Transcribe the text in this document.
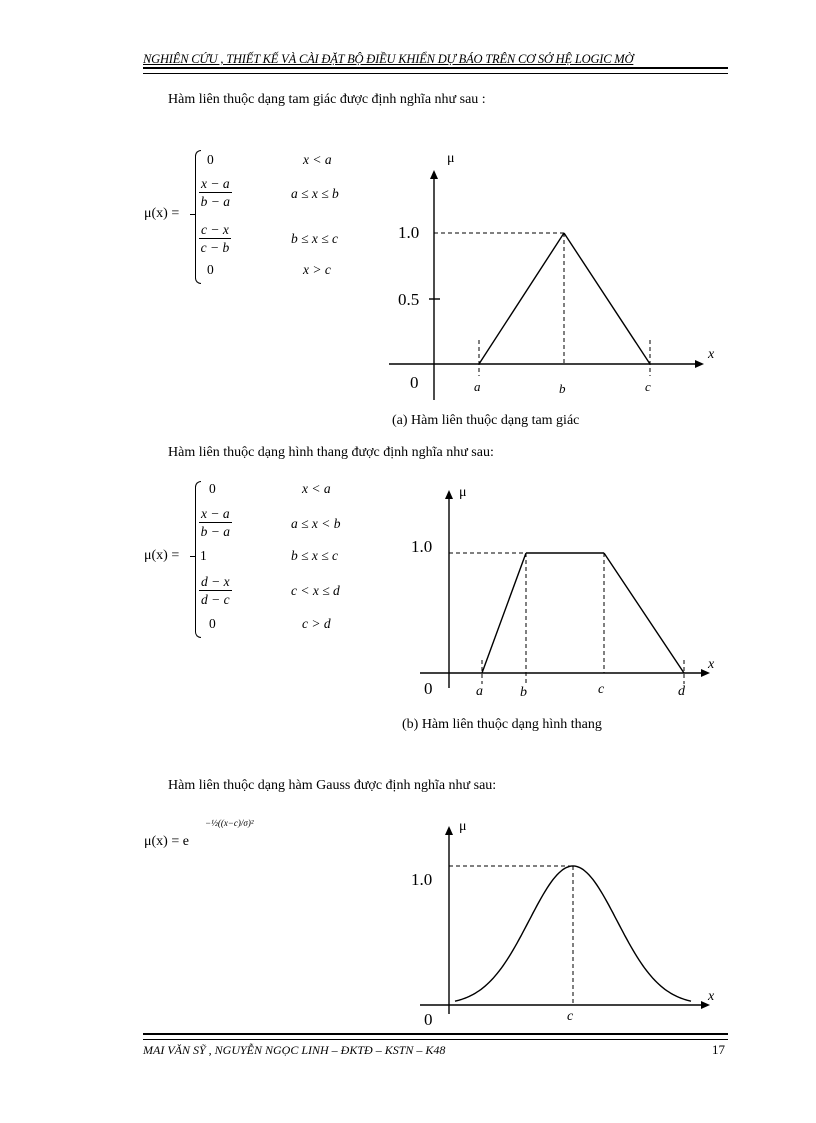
NGHIÊN CỨU , THIẾT KẾ VÀ CÀI ĐẶT BỘ ĐIỀU KHIỂN DỰ BÁO TRÊN CƠ SỞ HỆ LOGIC MỜ
Hàm liên thuộc dạng tam giác được định nghĩa như sau :
μ(x) =
0	x < a
$\frac{x - a}{b - a}$	a ≤ x ≤ b
$\frac{c - x}{c - b}$	b ≤ x ≤ c
0	x > c
μ
x
1.0
0.5
0	a	b	c
μ
x
1.0
0	a	b	c	d
μ
x
1.0
0	c
(a) Hàm liên thuộc dạng tam giác
Hàm liên thuộc dạng hình thang được định nghĩa như sau:
μ(x) =
0	x < a
$\frac{x - a}{b - a}$	a ≤ x < b
1	b ≤ x ≤ c
$\frac{d - x}{d - c}$	c < x ≤ d
0	c > d
(b) Hàm liên thuộc dạng hình thang
Hàm liên thuộc dạng hàm Gauss được định nghĩa như sau:
μ(x) = e
−½((x−c)/σ)²
MAI VĂN SỸ , NGUYỄN NGỌC LINH – ĐKTĐ – KSTN – K48	17
